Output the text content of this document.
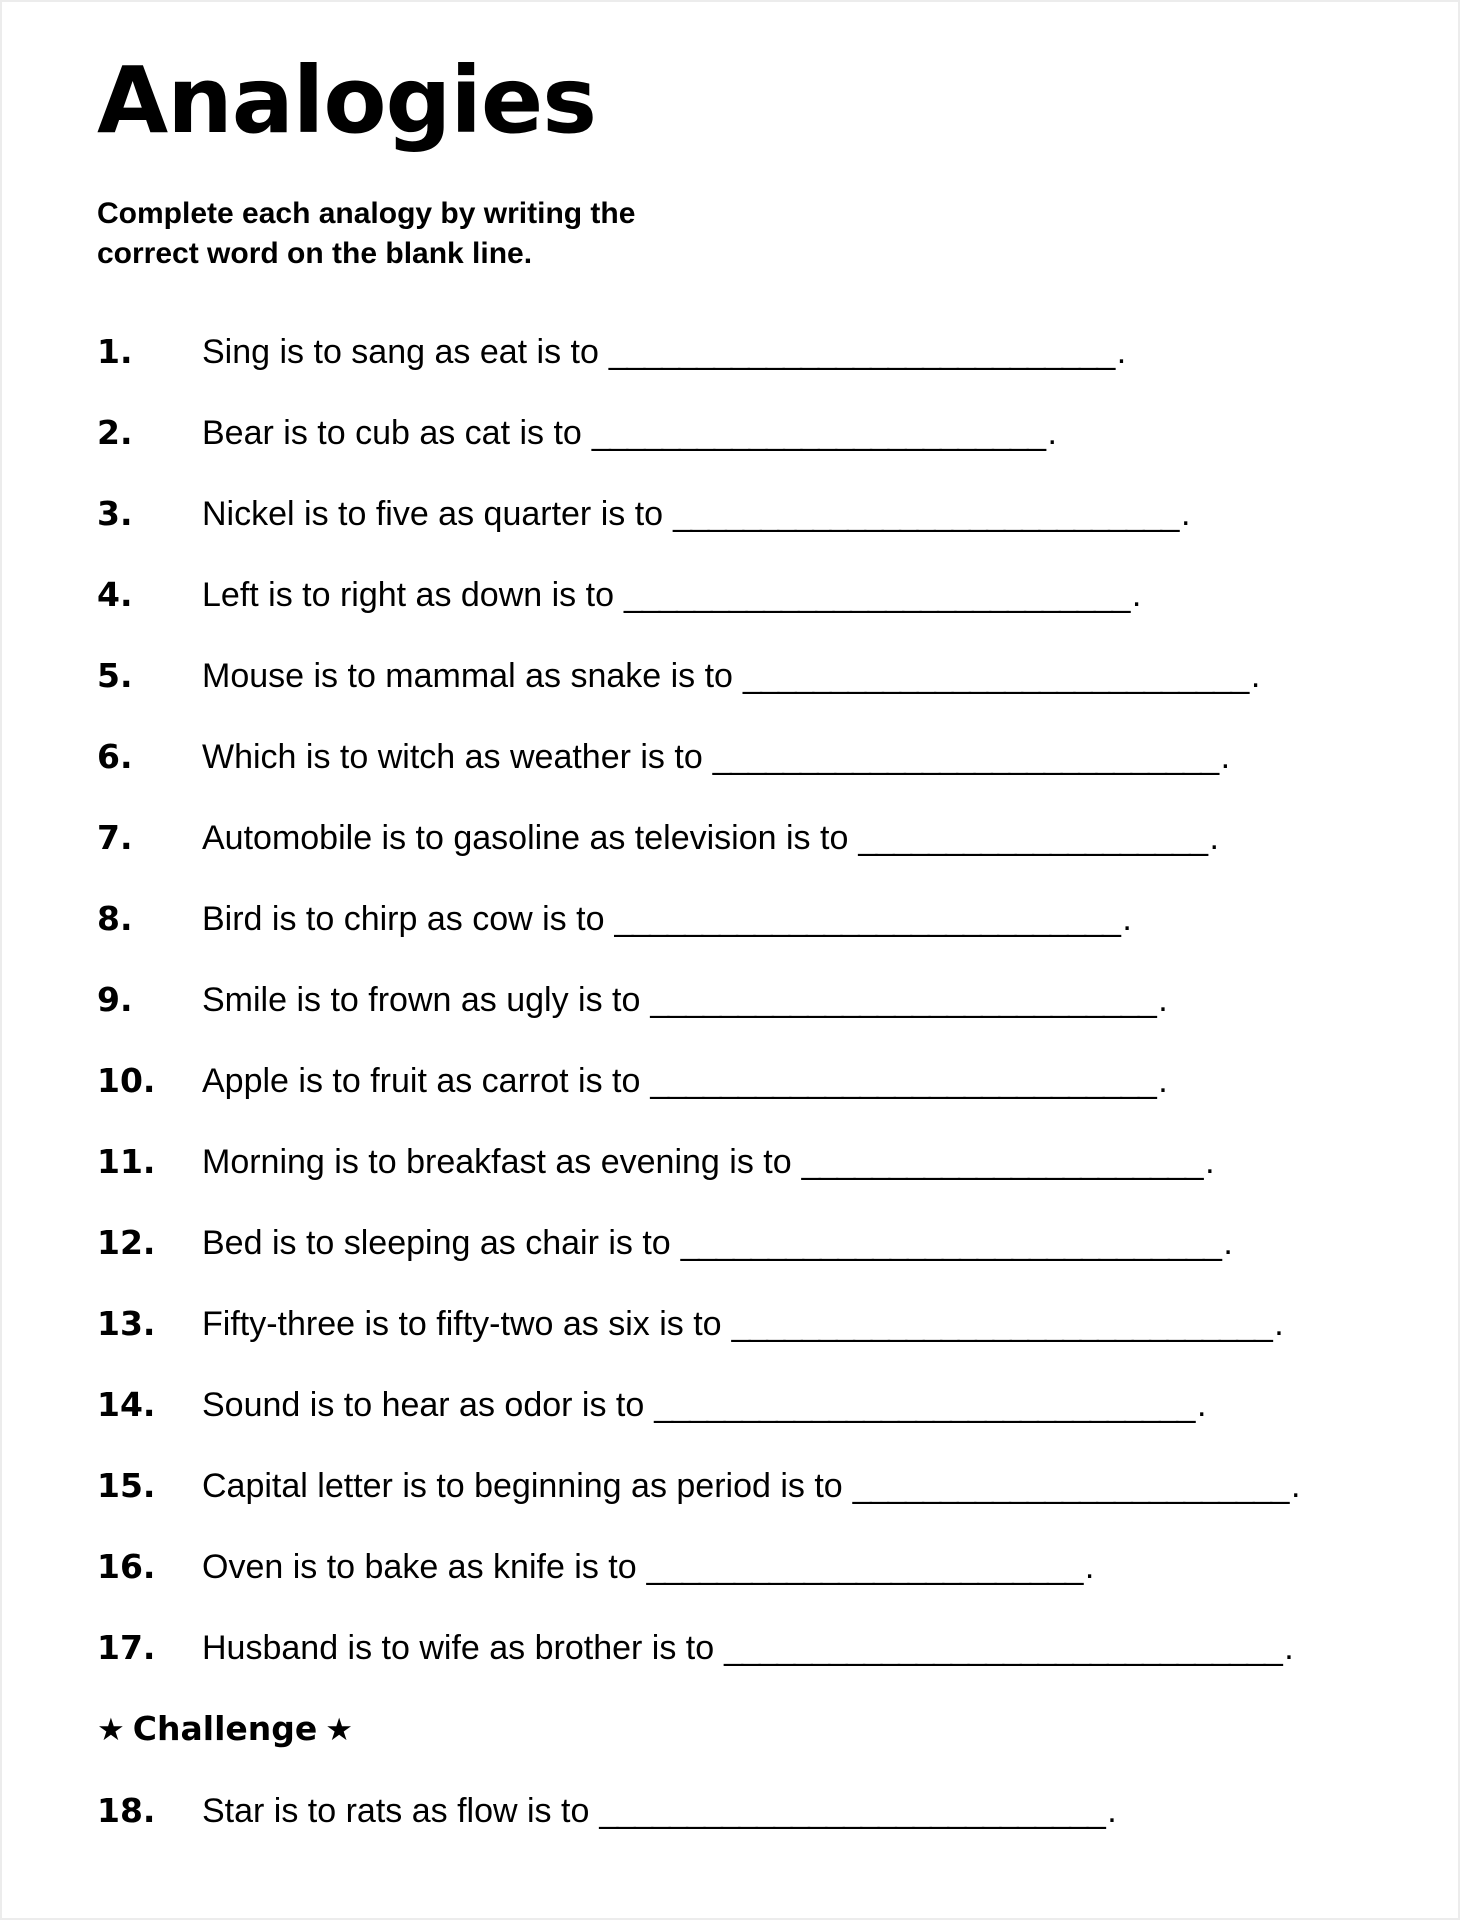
Analogies
Complete each analogy by writing the
correct word on the blank line.
1. Sing is to sang as eat is to _____________________________.
2. Bear is to cub as cat is to __________________________.
3. Nickel is to five as quarter is to _____________________________.
4. Left is to right as down is to _____________________________.
5. Mouse is to mammal as snake is to _____________________________.
6. Which is to witch as weather is to _____________________________.
7. Automobile is to gasoline as television is to ____________________.
8. Bird is to chirp as cow is to _____________________________.
9. Smile is to frown as ugly is to _____________________________.
10. Apple is to fruit as carrot is to _____________________________.
11. Morning is to breakfast as evening is to _______________________.
12. Bed is to sleeping as chair is to _______________________________.
13. Fifty-three is to fifty-two as six is to _______________________________.
14. Sound is to hear as odor is to _______________________________.
15. Capital letter is to beginning as period is to _________________________.
16. Oven is to bake as knife is to _________________________.
17. Husband is to wife as brother is to ________________________________.
★ Challenge ★
18. Star is to rats as flow is to _____________________________.
